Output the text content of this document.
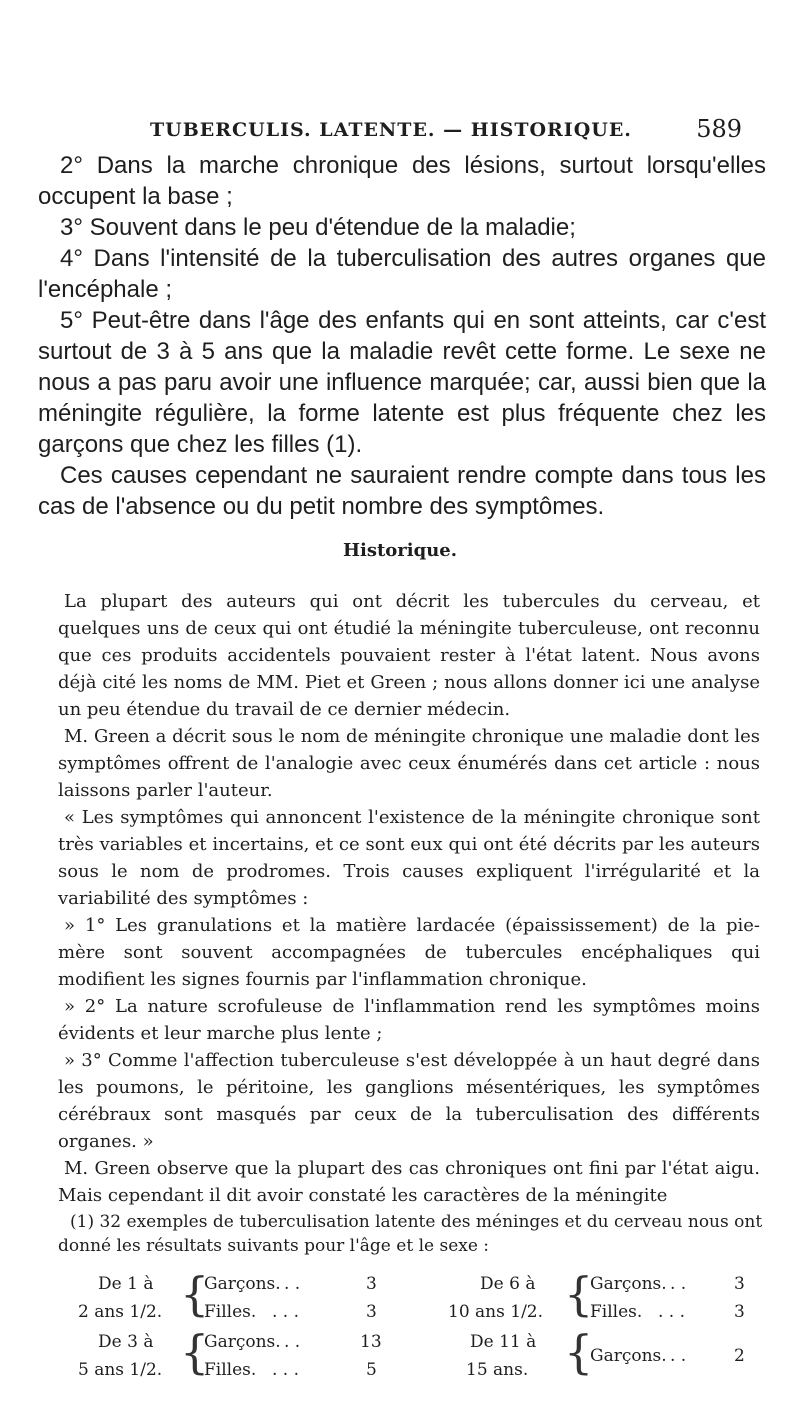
TUBERCULIS. LATENTE. — HISTORIQUE.	589

2° Dans la marche chronique des lésions, surtout lorsqu'elles occupent la base ;

3° Souvent dans le peu d'étendue de la maladie;

4° Dans l'intensité de la tuberculisation des autres organes que l'encéphale ;

5° Peut-être dans l'âge des enfants qui en sont atteints, car c'est surtout de 3 à 5 ans que la maladie revêt cette forme. Le sexe ne nous a pas paru avoir une influence marquée; car, aussi bien que la méningite régulière, la forme latente est plus fréquente chez les garçons que chez les filles (1).

Ces causes cependant ne sauraient rendre compte dans tous les cas de l'absence ou du petit nombre des symptômes.

Historique.

La plupart des auteurs qui ont décrit les tubercules du cerveau, et quelques uns de ceux qui ont étudié la méningite tuberculeuse, ont reconnu que ces produits accidentels pouvaient rester à l'état latent. Nous avons déjà cité les noms de MM. Piet et Green ; nous allons donner ici une analyse un peu étendue du travail de ce dernier médecin.

M. Green a décrit sous le nom de méningite chronique une maladie dont les symptômes offrent de l'analogie avec ceux énumérés dans cet article : nous laissons parler l'auteur.

« Les symptômes qui annoncent l'existence de la méningite chronique sont très variables et incertains, et ce sont eux qui ont été décrits par les auteurs sous le nom de prodromes. Trois causes expliquent l'irrégularité et la variabilité des symptômes :

» 1° Les granulations et la matière lardacée (épaississement) de la pie-mère sont souvent accompagnées de tubercules encéphaliques qui modifient les signes fournis par l'inflammation chronique.

» 2° La nature scrofuleuse de l'inflammation rend les symptômes moins évidents et leur marche plus lente ;

» 3° Comme l'affection tuberculeuse s'est développée à un haut degré dans les poumons, le péritoine, les ganglions mésentériques, les symptômes cérébraux sont masqués par ceux de la tuberculisation des différents organes. »

M. Green observe que la plupart des cas chroniques ont fini par l'état aigu. Mais cependant il dit avoir constaté les caractères de la méningite

(1) 32 exemples de tuberculisation latente des méninges et du cerveau nous ont donné les résultats suivants pour l'âge et le sexe :

De 1 à
2 ans 1/2. {
Garçons. . .	3
Filles. . . .	3
De 3 à
5 ans 1/2. {
Garçons. . .	13
Filles. . . .	5
De 6 à
10 ans 1/2. {
Garçons. . .	3
Filles. . . .	3
De 11 à
15 ans. {
Garçons. . .	2
